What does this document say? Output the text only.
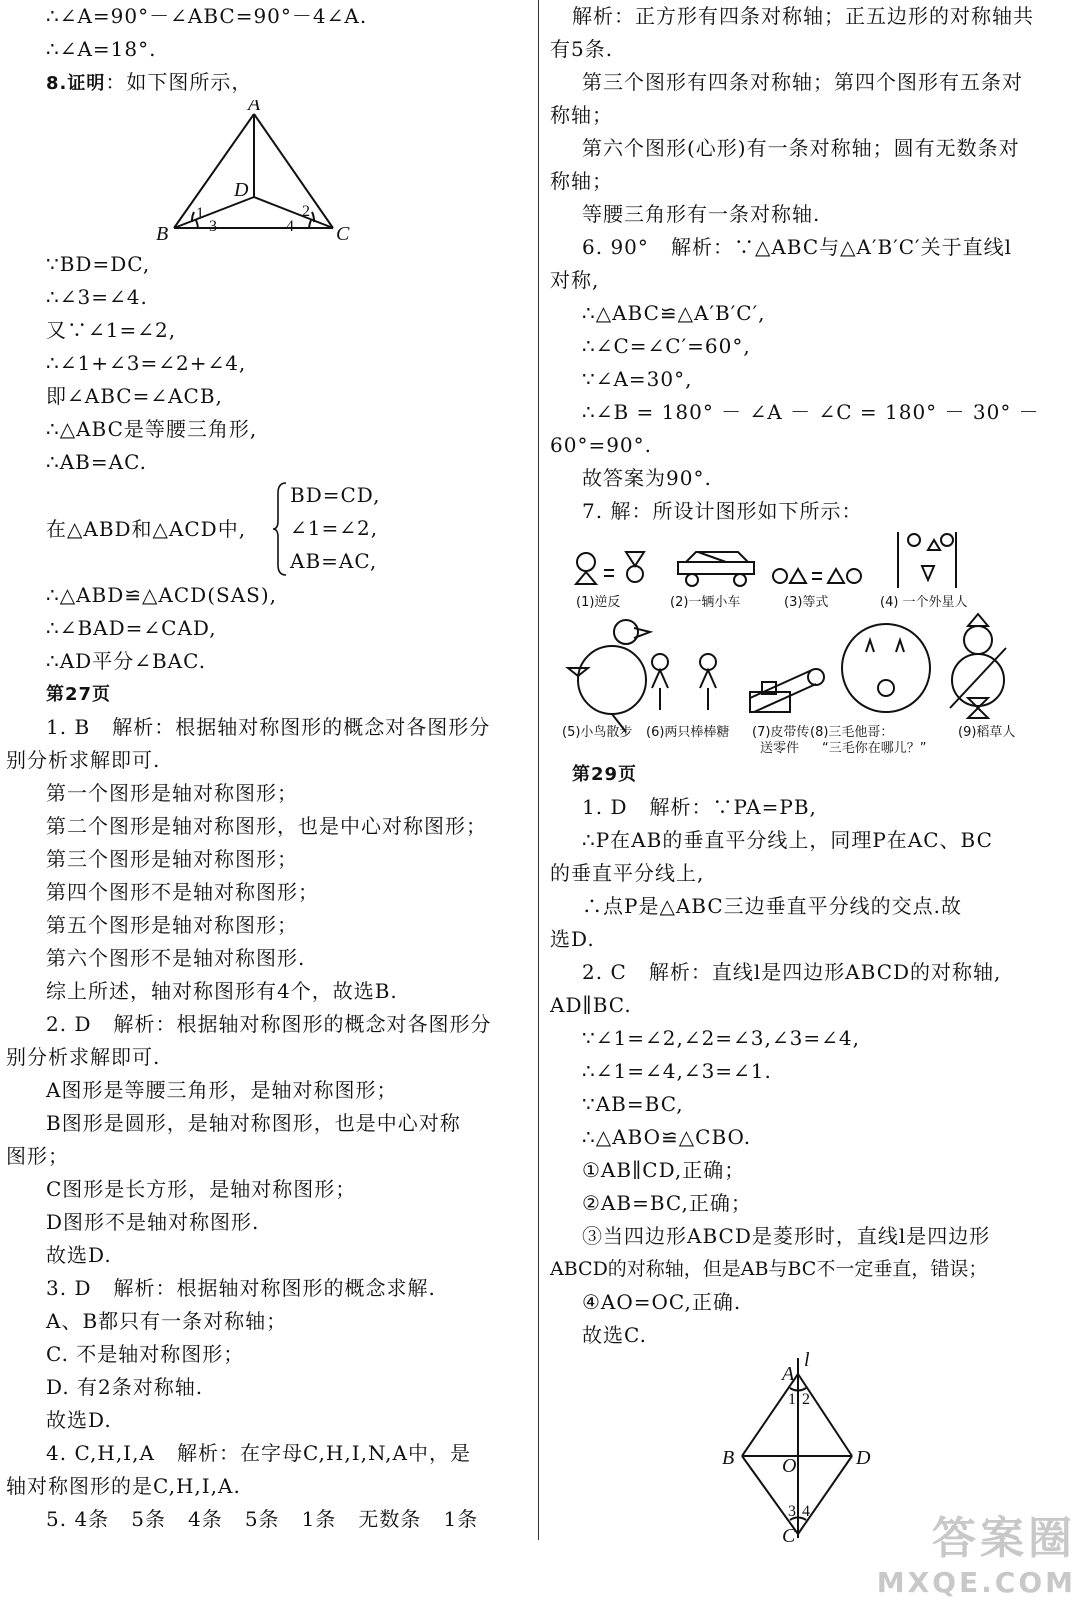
∴∠A=90°－∠ABC=90°－4∠A.
∴∠A=18°.
8.证明：如下图所示，
A
B	C
D
1	2
3	4
∵BD=DC,
∴∠3=∠4.
又∵∠1=∠2,
∴∠1+∠3=∠2+∠4,
即∠ABC=∠ACB,
∴△ABC是等腰三角形,
∴AB=AC.
在△ABD和△ACD中,
BD=CD,
∠1=∠2,
AB=AC,
∴△ABD≌△ACD(SAS),
∴∠BAD=∠CAD,
∴AD平分∠BAC.
第27页
1. B   解析：根据轴对称图形的概念对各图形分
别分析求解即可.
第一个图形是轴对称图形；
第二个图形是轴对称图形，也是中心对称图形；
第三个图形是轴对称图形；
第四个图形不是轴对称图形；
第五个图形是轴对称图形；
第六个图形不是轴对称图形.
综上所述，轴对称图形有4个，故选B.
2. D   解析：根据轴对称图形的概念对各图形分
别分析求解即可.
A图形是等腰三角形，是轴对称图形；
B图形是圆形，是轴对称图形，也是中心对称
图形；
C图形是长方形，是轴对称图形；
D图形不是轴对称图形.
故选D.
3. D   解析：根据轴对称图形的概念求解.
A、B都只有一条对称轴；
C. 不是轴对称图形；
D. 有2条对称轴.
故选D.
4. C,H,I,A   解析：在字母C,H,I,N,A中，是
轴对称图形的是C,H,I,A.
5. 4条   5条   4条   5条   1条   无数条   1条
解析：正方形有四条对称轴；正五边形的对称轴共
有5条.
第三个图形有四条对称轴；第四个图形有五条对
称轴；
第六个图形(心形)有一条对称轴；圆有无数条对
称轴；
等腰三角形有一条对称轴.
6. 90°   解析：∵△ABC与△A′B′C′关于直线l
对称,
∴△ABC≌△A′B′C′,
∴∠C=∠C′=60°,
∵∠A=30°,
∴∠B = 180° － ∠A － ∠C = 180° － 30° －
60°=90°.
故答案为90°.
7. 解：所设计图形如下所示：
(1)逆反	(2)一辆小车	(3)等式	(4) 一个外星人
(5)小鸟散步 (6)两只棒棒糖 (7)皮带传
送零件
(8)三毛他哥：
“三毛你在哪儿？”
(9)稻草人
第29页
1. D   解析：∵PA=PB,
∴P在AB的垂直平分线上，同理P在AC、BC
的垂直平分线上,
∴点P是△ABC三边垂直平分线的交点.故
选D.
2. C   解析：直线l是四边形ABCD的对称轴,
AD∥BC.
∵∠1=∠2,∠2=∠3,∠3=∠4,
∴∠1=∠4,∠3=∠1.
∵AB=BC,
∴△ABO≌△CBO.
①AB∥CD,正确；
②AB=BC,正确；
③当四边形ABCD是菱形时，直线l是四边形
ABCD的对称轴，但是AB与BC不一定垂直，错误；
④AO=OC,正确.
故选C.
l
A
B	D
O
C
1 2
3 4
答案圈
MXQE.COM
